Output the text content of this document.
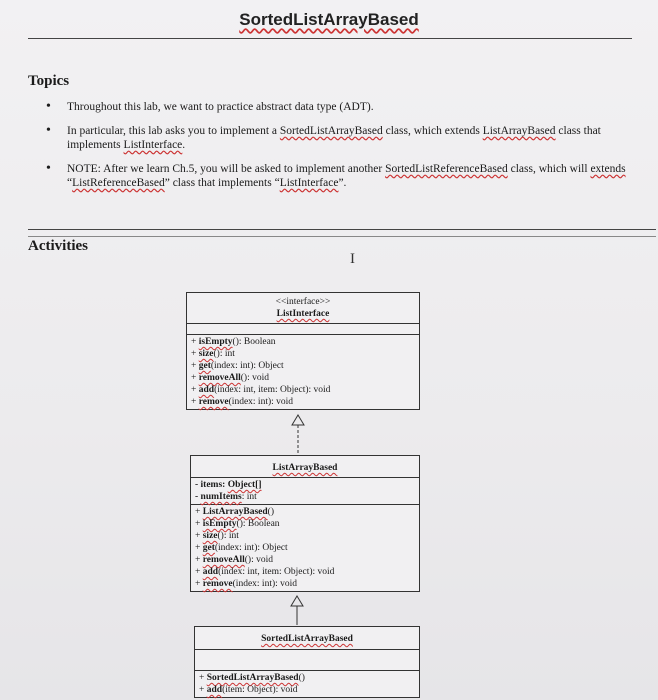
SortedListArrayBased
Topics
• Throughout this lab, we want to practice abstract data type (ADT).
• In particular, this lab asks you to implement a SortedListArrayBased class, which extends ListArrayBased class that implements ListInterface.
• NOTE: After we learn Ch.5, you will be asked to implement another SortedListReferenceBased class, which will extends “ListReferenceBased” class that implements “ListInterface”.
Activities
I
<<interface>>
ListInterface
+ isEmpty(): Boolean
+ size(): int
+ get(index: int): Object
+ removeAll(): void
+ add(index: int, item: Object): void
+ remove(index: int): void
ListArrayBased
- items: Object[]
- numItems: int
+ ListArrayBased()
+ isEmpty(): Boolean
+ size(): int
+ get(index: int): Object
+ removeAll(): void
+ add(index: int, item: Object): void
+ remove(index: int): void
SortedListArrayBased
+ SortedListArrayBased()
+ add(item: Object): void
